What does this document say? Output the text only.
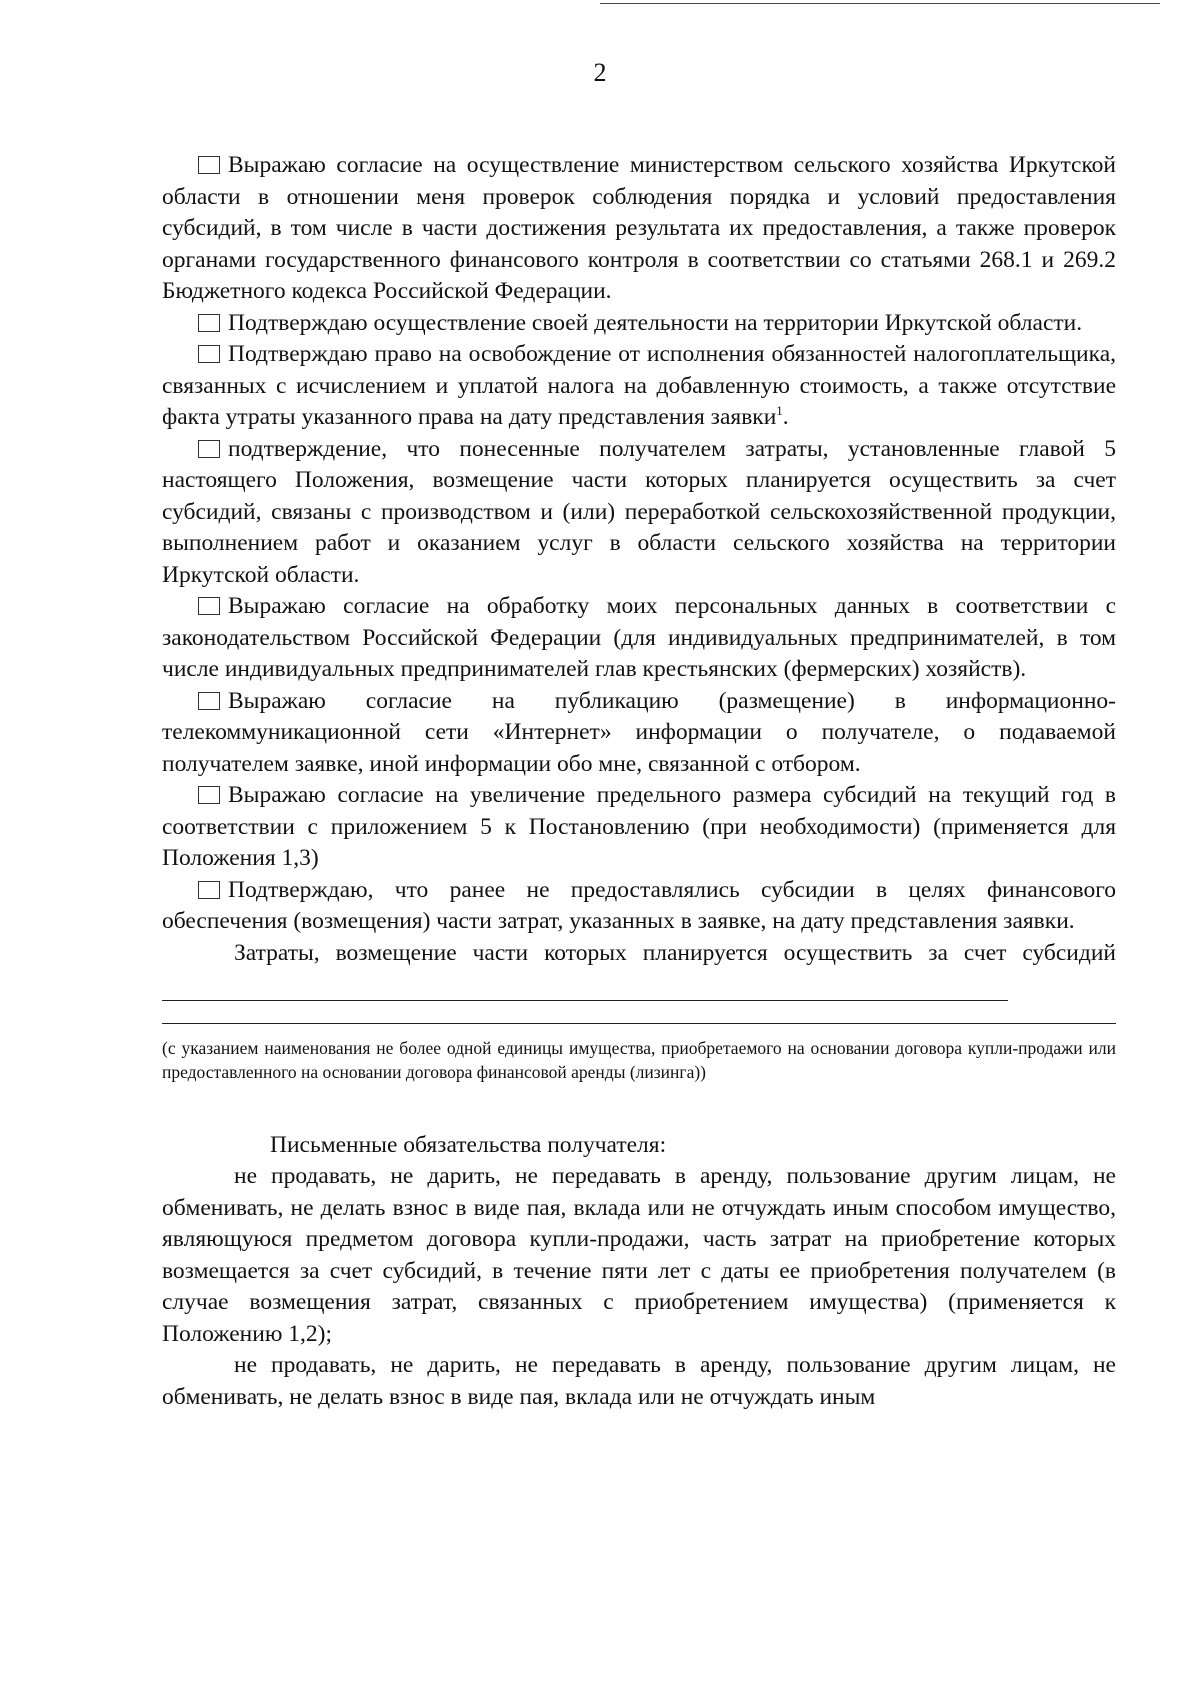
2

Выражаю согласие на осуществление министерством сельского хозяйства Иркутской области в отношении меня проверок соблюдения порядка и условий предоставления субсидий, в том числе в части достижения результата их предоставления, а также проверок органами государственного финансового контроля в соответствии со статьями 268.1 и 269.2 Бюджетного кодекса Российской Федерации.

Подтверждаю осуществление своей деятельности на территории Иркутской области.

Подтверждаю право на освобождение от исполнения обязанностей налогоплательщика, связанных с исчислением и уплатой налога на добавленную стоимость, а также отсутствие факта утраты указанного права на дату представления заявки$^1$.

подтверждение, что понесенные получателем затраты, установленные главой 5 настоящего Положения, возмещение части которых планируется осуществить за счет субсидий, связаны с производством и (или) переработкой сельскохозяйственной продукции, выполнением работ и оказанием услуг в области сельского хозяйства на территории Иркутской области.

Выражаю согласие на обработку моих персональных данных в соответствии с законодательством Российской Федерации (для индивидуальных предпринимателей, в том числе индивидуальных предпринимателей глав крестьянских (фермерских) хозяйств).

Выражаю согласие на публикацию (размещение) в информационно-телекоммуникационной сети «Интернет» информации о получателе, о подаваемой получателем заявке, иной информации обо мне, связанной с отбором.

Выражаю согласие на увеличение предельного размера субсидий на текущий год в соответствии с приложением 5 к Постановлению (при необходимости) (применяется для Положения 1,3)

Подтверждаю, что ранее не предоставлялись субсидии в целях финансового обеспечения (возмещения) части затрат, указанных в заявке, на дату представления заявки.

Затраты, возмещение части которых планируется осуществить за счет субсидий

(с указанием наименования не более одной единицы имущества, приобретаемого на основании договора купли-продажи или предоставленного на основании договора финансовой аренды (лизинга))

Письменные обязательства получателя:

не продавать, не дарить, не передавать в аренду, пользование другим лицам, не обменивать, не делать взнос в виде пая, вклада или не отчуждать иным способом имущество, являющуюся предметом договора купли-продажи, часть затрат на приобретение которых возмещается за счет субсидий, в течение пяти лет с даты ее приобретения получателем (в случае возмещения затрат, связанных с приобретением имущества) (применяется к Положению 1,2);

не продавать, не дарить, не передавать в аренду, пользование другим лицам, не обменивать, не делать взнос в виде пая, вклада или не отчуждать иным
